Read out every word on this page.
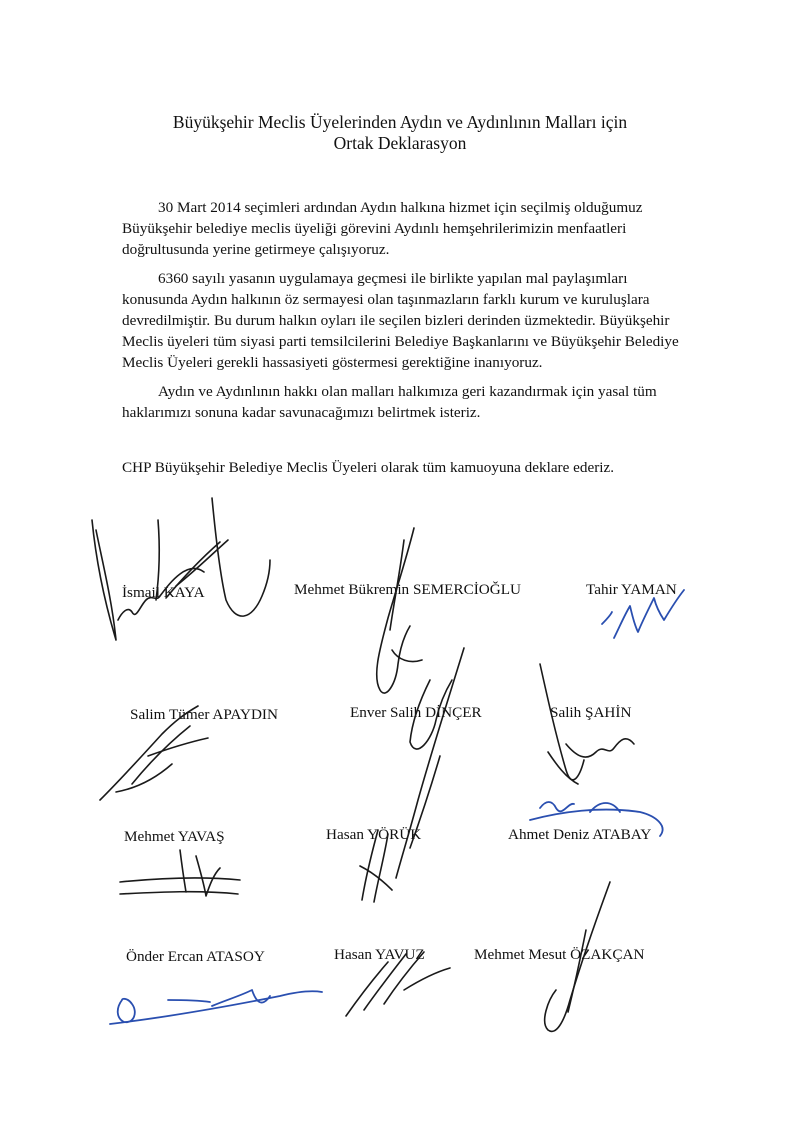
Büyükşehir Meclis Üyelerinden Aydın ve Aydınlının Malları için
Ortak Deklarasyon
30 Mart 2014 seçimleri ardından Aydın halkına hizmet için seçilmiş olduğumuz
Büyükşehir belediye meclis üyeliği görevini Aydınlı hemşehrilerimizin menfaatleri
doğrultusunda yerine getirmeye çalışıyoruz.
6360 sayılı yasanın uygulamaya geçmesi ile birlikte yapılan mal paylaşımları
konusunda Aydın halkının öz sermayesi olan taşınmazların farklı kurum ve kuruluşlara
devredilmiştir. Bu durum halkın oyları ile seçilen bizleri derinden üzmektedir. Büyükşehir
Meclis üyeleri tüm siyasi parti temsilcilerini Belediye Başkanlarını ve Büyükşehir Belediye
Meclis Üyeleri gerekli hassasiyeti göstermesi gerektiğine inanıyoruz.
Aydın ve Aydınlının hakkı olan malları halkımıza geri kazandırmak için yasal tüm
haklarımızı sonuna kadar savunacağımızı belirtmek isteriz.
CHP Büyükşehir Belediye Meclis Üyeleri olarak tüm kamuoyuna deklare ederiz.
İsmail KAYA	Mehmet Bükremin SEMERCİOĞLU	Tahir YAMAN
Salim Tümer APAYDIN	Enver Salih DİNÇER	Salih ŞAHİN
Mehmet YAVAŞ	Hasan YÖRÜK	Ahmet Deniz ATABAY
Önder Ercan ATASOY	Hasan YAVUZ	Mehmet Mesut ÖZAKÇAN
